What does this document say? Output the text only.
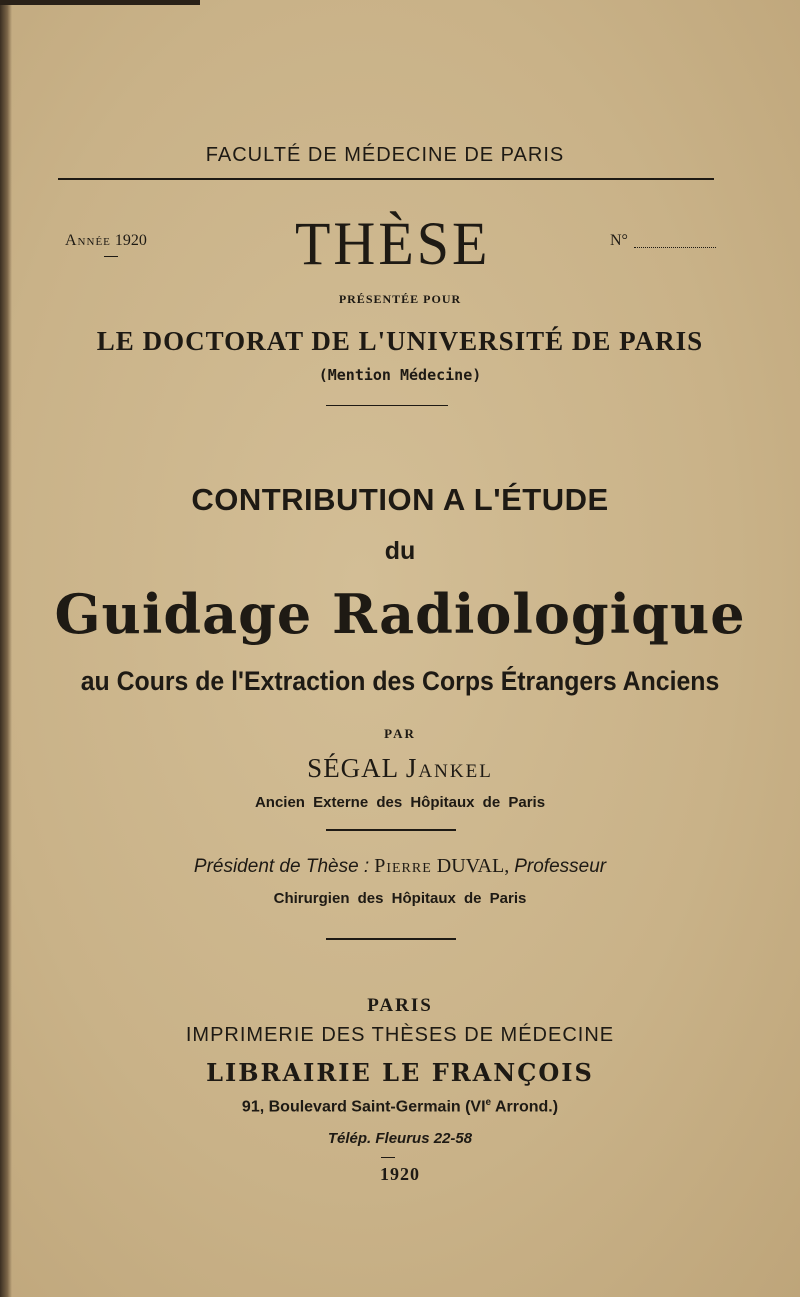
FACULTÉ DE MÉDECINE DE PARIS
Année 1920	THÈSE	N°
PRÉSENTÉE POUR
LE DOCTORAT DE L'UNIVERSITÉ DE PARIS
(Mention Médecine)
CONTRIBUTION A L'ÉTUDE
du
Guidage Radiologique
au Cours de l'Extraction des Corps Étrangers Anciens
PAR
SÉGAL Jankel
Ancien Externe des Hôpitaux de Paris
Président de Thèse : Pierre DUVAL, Professeur
Chirurgien des Hôpitaux de Paris
PARIS
IMPRIMERIE DES THÈSES DE MÉDECINE
LIBRAIRIE LE FRANÇOIS
91, Boulevard Saint-Germain (VIe Arrond.)
Télép. Fleurus 22-58
1920
